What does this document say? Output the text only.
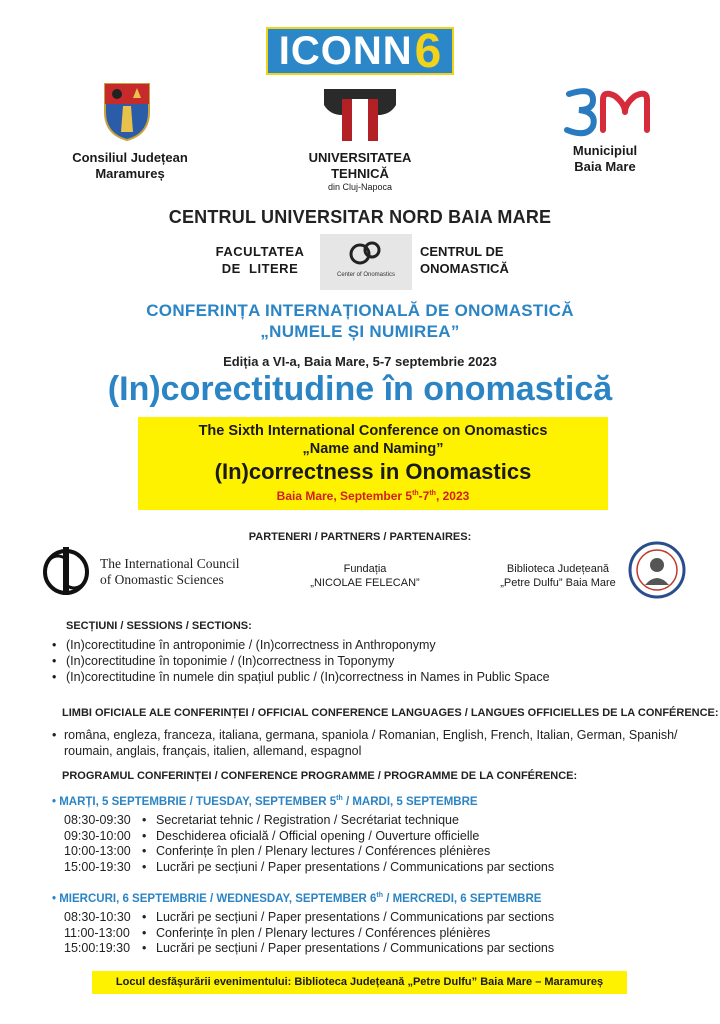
ICONN 6
Consiliul Județean
Maramureș
UNIVERSITATEA
TEHNICĂ
din Cluj-Napoca
Municipiul
Baia Mare
CENTRUL UNIVERSITAR NORD BAIA MARE
FACULTATEA
DE  LITERE	Center of Onomastics
CENTRUL DE
ONOMASTICĂ
CONFERINȚA INTERNAȚIONALĂ DE ONOMASTICĂ
„NUMELE ȘI NUMIREA”
Ediția a VI-a, Baia Mare, 5-7 septembrie 2023
(In)corectitudine în onomastică
The Sixth International Conference on Onomastics
„Name and Naming”
(In)correctness in Onomastics
Baia Mare, September 5th-7th, 2023
PARTENERI / PARTNERS / PARTENAIRES:
The International Council
of Onomastic Sciences
Fundația
„NICOLAE FELECAN”
Biblioteca Județeană
„Petre Dulfu” Baia Mare
SECȚIUNI / SESSIONS / SECTIONS:
• (In)corectitudine în antroponimie / (In)correctness in Anthroponymy
• (In)corectitudine în toponimie / (In)correctness in Toponymy
• (In)corectitudine în numele din spațiul public / (In)correctness in Names in Public Space
LIMBI OFICIALE ALE CONFERINȚEI / OFFICIAL CONFERENCE LANGUAGES / LANGUES OFFICIELLES DE LA CONFÉRENCE:
• româna, engleza, franceza, italiana, germana, spaniola / Romanian, English, French, Italian, German, Spanish/
roumain, anglais, français, italien, allemand, espagnol
PROGRAMUL CONFERINȚEI / CONFERENCE PROGRAMME / PROGRAMME DE LA CONFÉRENCE:
• MARȚI, 5 SEPTEMBRIE / TUESDAY, SEPTEMBER 5th / MARDI, 5 SEPTEMBRE
08:30-09:30 • Secretariat tehnic / Registration / Secrétariat technique
09:30-10:00 • Deschiderea oficială / Official opening / Ouverture officielle
10:00-13:00 • Conferințe în plen / Plenary lectures / Conférences plénières
15:00-19:30 • Lucrări pe secțiuni / Paper presentations / Communications par sections
• MIERCURI, 6 SEPTEMBRIE / WEDNESDAY, SEPTEMBER 6th / MERCREDI, 6 SEPTEMBRE
08:30-10:30 • Lucrări pe secțiuni / Paper presentations / Communications par sections
11:00-13:00 • Conferințe în plen / Plenary lectures / Conférences plénières
15:00:19:30 • Lucrări pe secțiuni / Paper presentations / Communications par sections
Locul desfășurării evenimentului: Biblioteca Județeană „Petre Dulfu” Baia Mare – Maramureș
